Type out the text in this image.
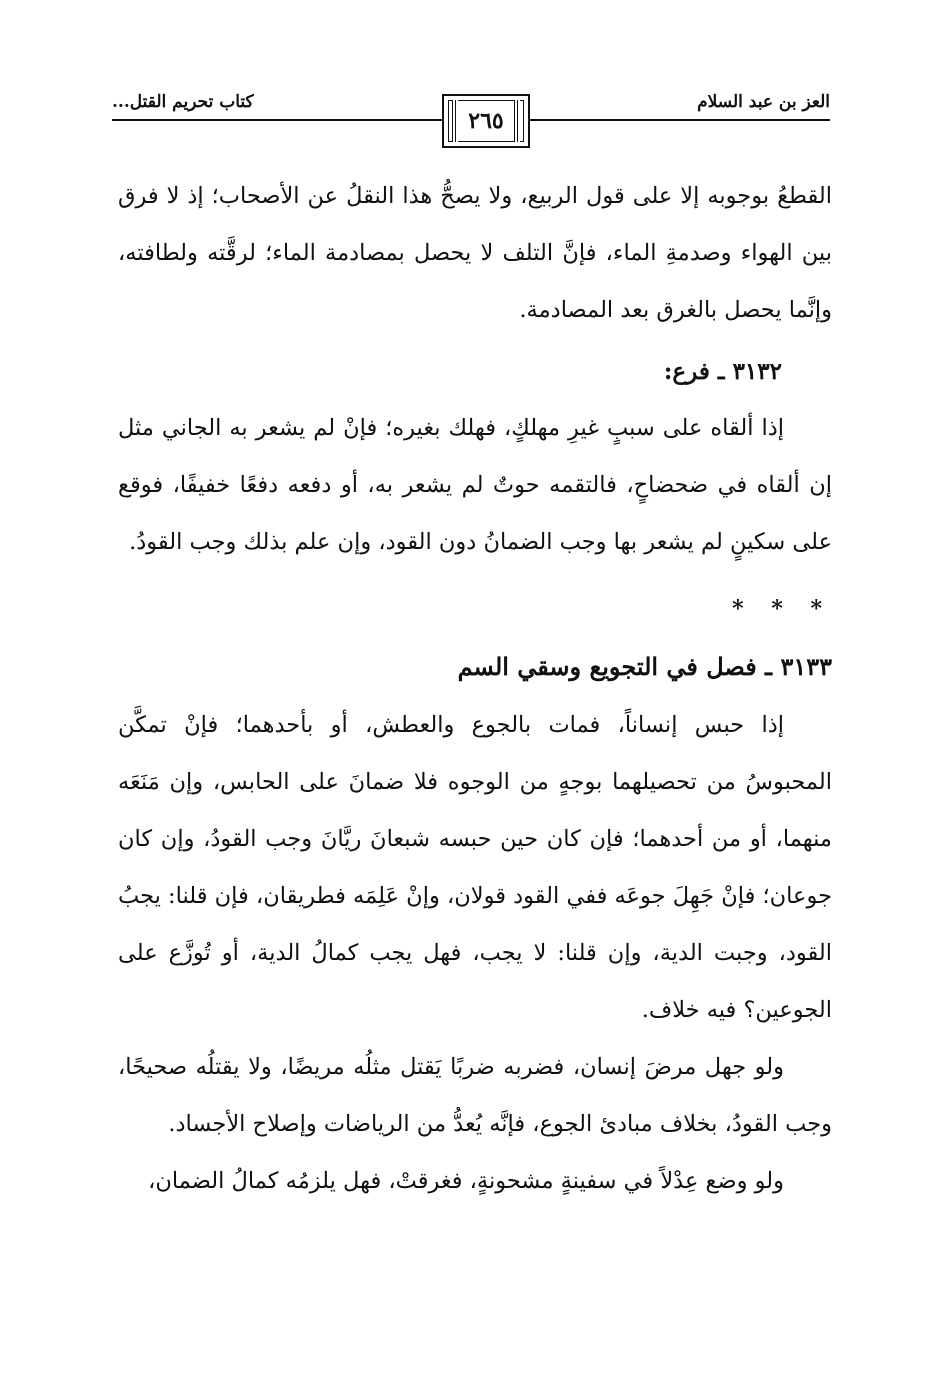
العز بن عبد السلام
كتاب تحريم القتل...
٢٦٥

القطعُ بوجوبه إلا على قول الربيع، ولا يصحُّ هذا النقلُ عن الأصحاب؛ إذ لا فرق بين الهواء وصدمةِ الماء، فإنَّ التلف لا يحصل بمصادمة الماء؛ لرقَّته ولطافته، وإنَّما يحصل بالغرق بعد المصادمة.

٣١٣٢ ـ فرع:

إذا ألقاه على سببٍ غيرِ مهلكٍ، فهلك بغيره؛ فإنْ لم يشعر به الجاني مثل إن ألقاه في ضحضاحٍ، فالتقمه حوتٌ لم يشعر به، أو دفعه دفعًا خفيفًا، فوقع على سكينٍ لم يشعر بها وجب الضمانُ دون القود، وإن علم بذلك وجب القودُ.

* * *

٣١٣٣ ـ فصل في التجويع وسقي السم

إذا حبس إنساناً، فمات بالجوع والعطش، أو بأحدهما؛ فإنْ تمكَّن المحبوسُ من تحصيلهما بوجهٍ من الوجوه فلا ضمانَ على الحابس، وإن مَنَعَه منهما، أو من أحدهما؛ فإن كان حين حبسه شبعانَ ريَّانَ وجب القودُ، وإن كان جوعان؛ فإنْ جَهِلَ جوعَه ففي القود قولان، وإنْ عَلِمَه فطريقان، فإن قلنا: يجبُ القود، وجبت الدية، وإن قلنا: لا يجب، فهل يجب كمالُ الدية، أو تُوزَّع على الجوعين؟ فيه خلاف.

ولو جهل مرضَ إنسان، فضربه ضربًا يَقتل مثلُه مريضًا، ولا يقتلُه صحيحًا، وجب القودُ، بخلاف مبادئ الجوع، فإنَّه يُعدُّ من الرياضات وإصلاح الأجساد.

ولو وضع عِدْلاً في سفينةٍ مشحونةٍ، فغرقتْ، فهل يلزمُه كمالُ الضمان،
